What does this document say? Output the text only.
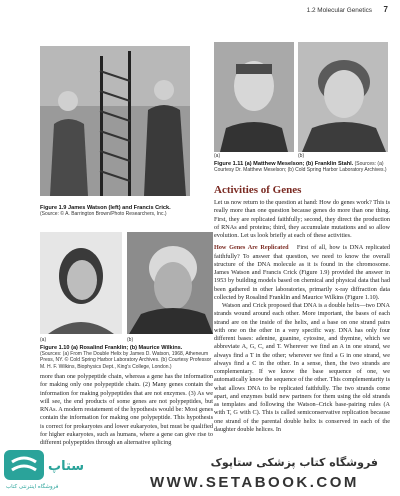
1.2 Molecular Genetics 7
Figure 1.9 James Watson (left) and Francis Crick.
(Source: © A. Barrington Brown/Photo Researchers, Inc.)
(a)	(b)
Figure 1.10 (a) Rosalind Franklin; (b) Maurice Wilkins.
(Sources: (a) From The Double Helix by James D. Watson, 1968, Atheneum Press, NY. © Cold Spring Harbor Laboratory Archives. (b) Courtesy Professor M. H. F. Wilkins, Biophysics Dept., King's College, London.)
(a)	(b)
Figure 1.11 (a) Matthew Meselson; (b) Franklin Stahl. (Sources: (a) Courtesy Dr. Matthew Meselson; (b) Cold Spring Harbor Laboratory Archives.)

more than one polypeptide chain, whereas a gene has the information for making only one polypeptide chain. (2) Many genes contain the information for making polypeptides that are not enzymes. (3) As we will see, the end products of some genes are not polypeptides, but RNAs. A modern restatement of the hypothesis would be: Most genes contain the information for making one polypeptide. This hypothesis is correct for prokaryotes and lower eukaryotes, but must be qualified for higher eukaryotes, such as humans, where a gene can give rise to different polypeptides through an alternative splicing

Activities of Genes

Let us now return to the question at hand: How do genes work? This is really more than one question because genes do more than one thing. First, they are replicated faithfully; second, they direct the production of RNAs and proteins; third, they accumulate mutations and so allow evolution. Let us look briefly at each of these activities.

How Genes Are Replicated First of all, how is DNA replicated faithfully? To answer that question, we need to know the overall structure of the DNA molecule as it is found in the chromosome. James Watson and Francis Crick (Figure 1.9) provided the answer in 1953 by building models based on chemical and physical data that had been gathered in other laboratories, primarily x-ray diffraction data collected by Rosalind Franklin and Maurice Wilkins (Figure 1.10).

Watson and Crick proposed that DNA is a double helix—two DNA strands wound around each other. More important, the bases of each strand are on the inside of the helix, and a base on one strand pairs with one on the other in a very specific way. DNA has only four different bases: adenine, guanine, cytosine, and thymine, which we abbreviate A, G, C, and T. Wherever we find an A in one strand, we always find a T in the other; wherever we find a G in one strand, we always find a C in the other. In a sense, then, the two strands are complementary. If we know the base sequence of one, we automatically know the sequence of the other. This complementarity is what allows DNA to be replicated faithfully. The two strands come apart, and enzymes build new partners for them using the old strands as templates and following the Watson–Crick base-pairing rules (A with T, G with C). This is called semiconservative replication because one strand of the parental double helix is conserved in each of the daughter double helices. In

ستاپ
فروشگاه اینترنتی کتاب
فروشگاه کتاب پزشکی ستاپوک
WWW.SETABOOK.COM
